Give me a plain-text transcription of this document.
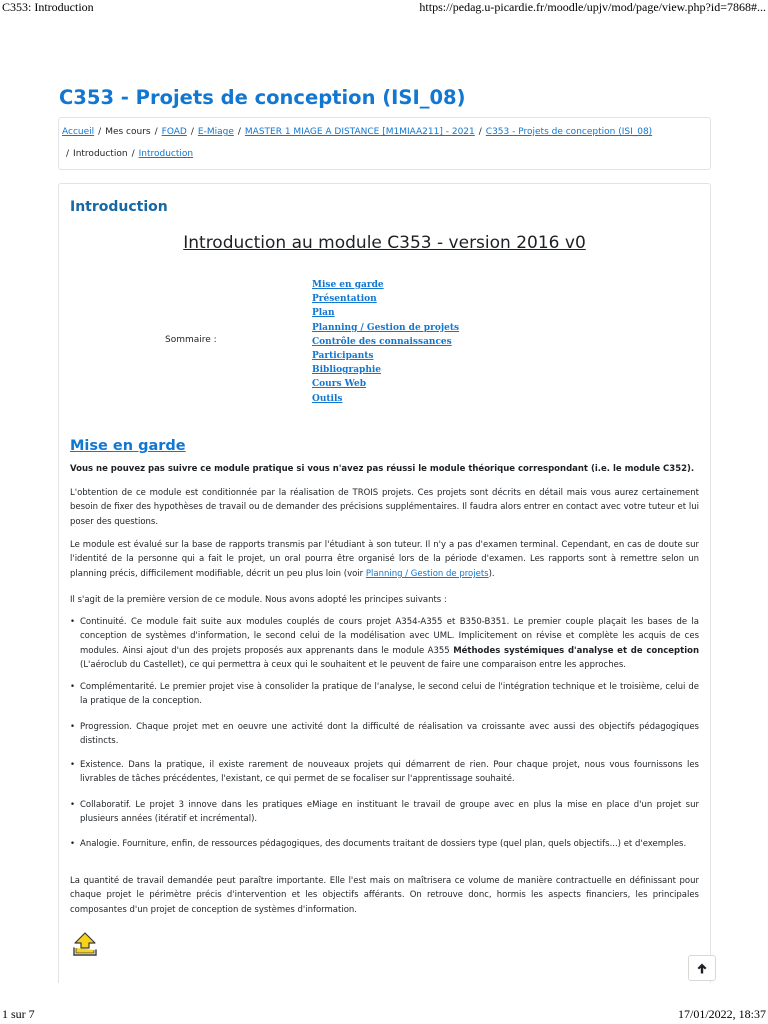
C353: Introduction	https://pedag.u-picardie.fr/moodle/upjv/mod/page/view.php?id=7868#...
C353 - Projets de conception (ISI_08)
Accueil / Mes cours / FOAD / E-Miage / MASTER 1 MIAGE A DISTANCE [M1MIAA211] - 2021 / C353 - Projets de conception (ISI_08)
/ Introduction / Introduction
Introduction
Introduction au module C353 - version 2016 v0
Sommaire :
Mise en garde
Présentation
Plan
Planning / Gestion de projets
Contrôle des connaissances
Participants
Bibliographie
Cours Web
Outils
Mise en garde

Vous ne pouvez pas suivre ce module pratique si vous n'avez pas réussi le module théorique correspondant (i.e. le module C352).

L'obtention de ce module est conditionnée par la réalisation de TROIS projets. Ces projets sont décrits en détail mais vous aurez certainement besoin de fixer des hypothèses de travail ou de demander des précisions supplémentaires. Il faudra alors entrer en contact avec votre tuteur et lui poser des questions.

Le module est évalué sur la base de rapports transmis par l'étudiant à son tuteur. Il n'y a pas d'examen terminal. Cependant, en cas de doute sur l'identité de la personne qui a fait le projet, un oral pourra être organisé lors de la période d'examen. Les rapports sont à remettre selon un planning précis, difficilement modifiable, décrit un peu plus loin (voir Planning / Gestion de projets).

Il s'agit de la première version de ce module. Nous avons adopté les principes suivants :

• Continuité. Ce module fait suite aux modules couplés de cours projet A354-A355 et B350-B351. Le premier couple plaçait les bases de la conception de systèmes d'information, le second celui de la modélisation avec UML. Implicitement on révise et complète les acquis de ces modules. Ainsi ajout d'un des projets proposés aux apprenants dans le module A355 Méthodes systémiques d'analyse et de conception (L'aéroclub du Castellet), ce qui permettra à ceux qui le souhaitent et le peuvent de faire une comparaison entre les approches.
• Complémentarité. Le premier projet vise à consolider la pratique de l'analyse, le second celui de l'intégration technique et le troisième, celui de la pratique de la conception.
• Progression. Chaque projet met en oeuvre une activité dont la difficulté de réalisation va croissante avec aussi des objectifs pédagogiques distincts.
• Existence. Dans la pratique, il existe rarement de nouveaux projets qui démarrent de rien. Pour chaque projet, nous vous fournissons les livrables de tâches précédentes, l'existant, ce qui permet de se focaliser sur l'apprentissage souhaité.
• Collaboratif. Le projet 3 innove dans les pratiques eMiage en instituant le travail de groupe avec en plus la mise en place d'un projet sur plusieurs années (itératif et incrémental).
• Analogie. Fourniture, enfin, de ressources pédagogiques, des documents traitant de dossiers type (quel plan, quels objectifs...) et d'exemples.

La quantité de travail demandée peut paraître importante. Elle l'est mais on maîtrisera ce volume de manière contractuelle en définissant pour chaque projet le périmètre précis d'intervention et les objectifs afférants. On retrouve donc, hormis les aspects financiers, les principales composantes d'un projet de conception de systèmes d'information.

1 sur 7	17/01/2022, 18:37
